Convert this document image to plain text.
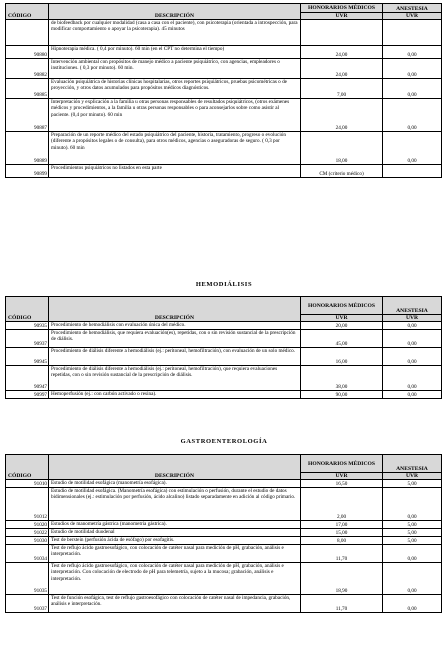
CÓDIGO	DESCRIPCIÓN	HONORARIOS MÉDICOS	ANESTESIA
		UVR	UVR
	de biofeedback por cualquier modalidad (casa a casa con el paciente), con psicoterapia (orientada a introspección, para modificar comportamiento o apoyar la psicoterapia). 45 minutos		
90880	Hipnoterapia médica. ( 0,4 por minuto). 60 min (en el CPT no determina el tiempo)	24,00	0,00
90882	Intervención ambiental con propósitos de manejo médico a paciente psiquiátrico, con agencias, empleadores o instituciones. ( 0,3 por minuto). 60 min.	24,00	0,00
90885	Evaluación psiquiátrica de historias clínicas hospitalarias, otros reportes psiquiátricos, pruebas psicométricas o de proyección, y otros datos acumulados para propósitos médicos diagnósticos.	7,00	0,00
90887	Interpretación y explicación a la familia u otras personas responsables de resultados psiquiátricos, (otros exámenes médicos y procedimientos, a la familia u otras personas responsables o para aconsejarlos sobre como asistir al paciente. (0,4 por minuto). 60 min	24,00	0,00
90889	Preparación de un reporte médico del estado psiquiátrico del paciente, historia, tratamiento, progreso o evolución (diferente a propósitos legales o de consulta), para otros médicos, agencias o aseguradoras de seguro. ( 0,3 por minuto). 60 min	18,00	0,00
90899	Procedimientos psiquiátricos no listados en esta parte	CM (criterio médico)	
HEMODIÁLISIS
CÓDIGO	DESCRIPCIÓN	HONORARIOS MÉDICOS	ANESTESIA
		UVR	UVR
90935	Procedimiento de hemodiálisis con evaluación única del médico.	20,00	0,00
90937	Procedimiento de hemodiálisis, que requiera evaluación(es), repetidas, con o sin revisión sustancial de la prescripción de diálisis.	45,00	0,00
90945	Procedimiento de diálisis diferente a hemodiálisis (ej.: peritoneal, hemofiltración), con evaluación de un solo médico.	16,00	0,00
90947	Procedimiento de diálisis diferente a hemodiálisis (ej.: peritoneal, hemofiltración), que requiera evaluaciones repetidas, con o sin revisión sustancial de la prescripción de diálisis.	38,00	0,00
90997	Hemoperfusión (ej.: con carbón activado o resina).	90,00	0,00
GASTROENTEROLOGÍA
CÓDIGO	DESCRIPCIÓN	HONORARIOS MÉDICOS	ANESTESIA
		UVR	UVR
91010	Estudio de motilidad esofágica (manometría esofágica).	16,50	5,00
91012	Estudio de motilidad esofágica. (Manometría esofágica) con estimulación o perfusión, durante el estudio de datos bidimensionales (ej.: estimulación por perfusión, ácido alcalino) listado separadamente en adición al código primario.	2,00	0,00
91020	Estudios de manometría gástrica (manometría gástrica).	17,00	5,00
91022	Estudio de motilidad duodenal	15,00	5,00
91030	Test de berstein (perfusión ácida de esófago) por esofagitis.	8,00	5,00
91034	Test de reflujo ácido gastroesofágico, con colocación de catéter nasal para medición de pH, grabación, análisis e interpretación.	11,70	0,00
91035	Test de reflujo ácido gastroesofágico, con colocación de catéter nasal para medición de pH, grabación, análisis e interpretación. Con colocación de electrodo de pH para telemetría, sujeto a la mucosa; grabación, análisis e interpretación.	18,90	0,00
91037	Test de función esofágica, test de reflujo gastroesofágico con colocación de catéter nasal de impedancia, grabación, análisis e interpretación.	11,70	0,00
